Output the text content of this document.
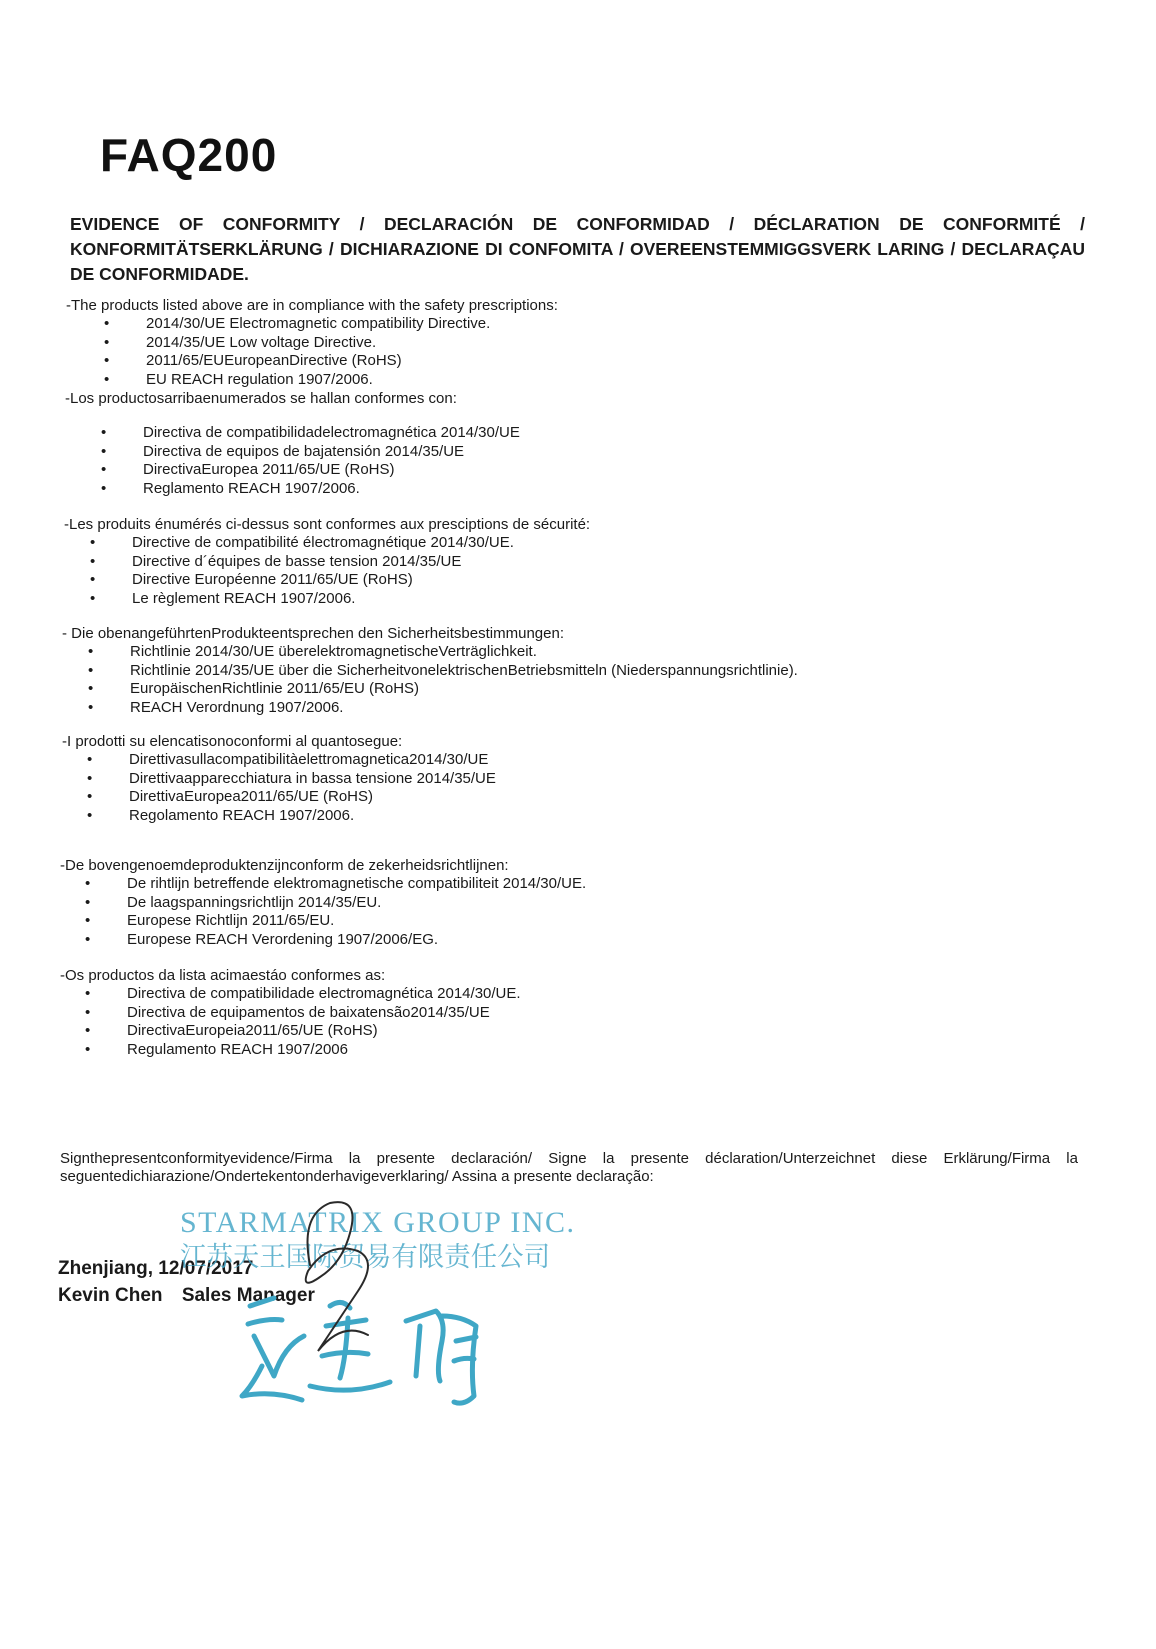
FAQ200

EVIDENCE OF CONFORMITY / DECLARACIÓN DE CONFORMIDAD / DÉCLARATION DE CONFORMITÉ / KONFORMITÄTSERKLÄRUNG / DICHIARAZIONE DI CONFOMITA / OVEREENSTEMMIGGSVERK LARING / DECLARAÇAU DE CONFORMIDADE.

-The products listed above are in compliance with the safety prescriptions:

• 2014/30/UE Electromagnetic compatibility Directive.
• 2014/35/UE Low voltage Directive.
• 2011/65/EUEuropeanDirective (RoHS)
• EU REACH regulation 1907/2006.

-Los productosarribaenumerados se hallan conformes con:

• Directiva de compatibilidadelectromagnética 2014/30/UE
• Directiva de equipos de bajatensión 2014/35/UE
• DirectivaEuropea 2011/65/UE (RoHS)
• Reglamento REACH 1907/2006.

-Les produits énumérés ci-dessus sont conformes aux presciptions de sécurité:

• Directive de compatibilité électromagnétique 2014/30/UE.
• Directive d´équipes de basse tension 2014/35/UE
• Directive Européenne 2011/65/UE (RoHS)
• Le règlement REACH 1907/2006.

- Die obenangeführtenProdukteentsprechen den Sicherheitsbestimmungen:

• Richtlinie 2014/30/UE überelektromagnetischeVerträglichkeit.
• Richtlinie 2014/35/UE über die SicherheitvonelektrischenBetriebsmitteln (Niederspannungsrichtlinie).
• EuropäischenRichtlinie 2011/65/EU (RoHS)
• REACH Verordnung 1907/2006.

-I prodotti su elencatisonoconformi al quantosegue:

• Direttivasullacompatibilitàelettromagnetica2014/30/UE
• Direttivaapparecchiatura in bassa tensione 2014/35/UE
• DirettivaEuropea2011/65/UE (RoHS)
• Regolamento REACH 1907/2006.

-De bovengenoemdeproduktenzijnconform de zekerheidsrichtlijnen:

• De rihtlijn betreffende elektromagnetische compatibiliteit 2014/30/UE.
• De laagspanningsrichtlijn 2014/35/EU.
• Europese Richtlijn 2011/65/EU.
• Europese REACH Verordening 1907/2006/EG.

-Os productos da lista acimaestáo conformes as:

• Directiva de compatibilidade electromagnética 2014/30/UE.
• Directiva de equipamentos de baixatensão2014/35/UE
• DirectivaEuropeia2011/65/UE (RoHS)
• Regulamento REACH 1907/2006

Signthepresentconformityevidence/Firma la presente declaración/ Signe la presente déclaration/Unterzeichnet diese Erklärung/Firma la seguentedichiarazione/Ondertekentonderhavigeverklaring/ Assina a presente declaração:

Zhenjiang, 12/07/2017
Kevin Chen Sales Manager
STARMATRIX GROUP INC.
江苏天王国际贸易有限责任公司
